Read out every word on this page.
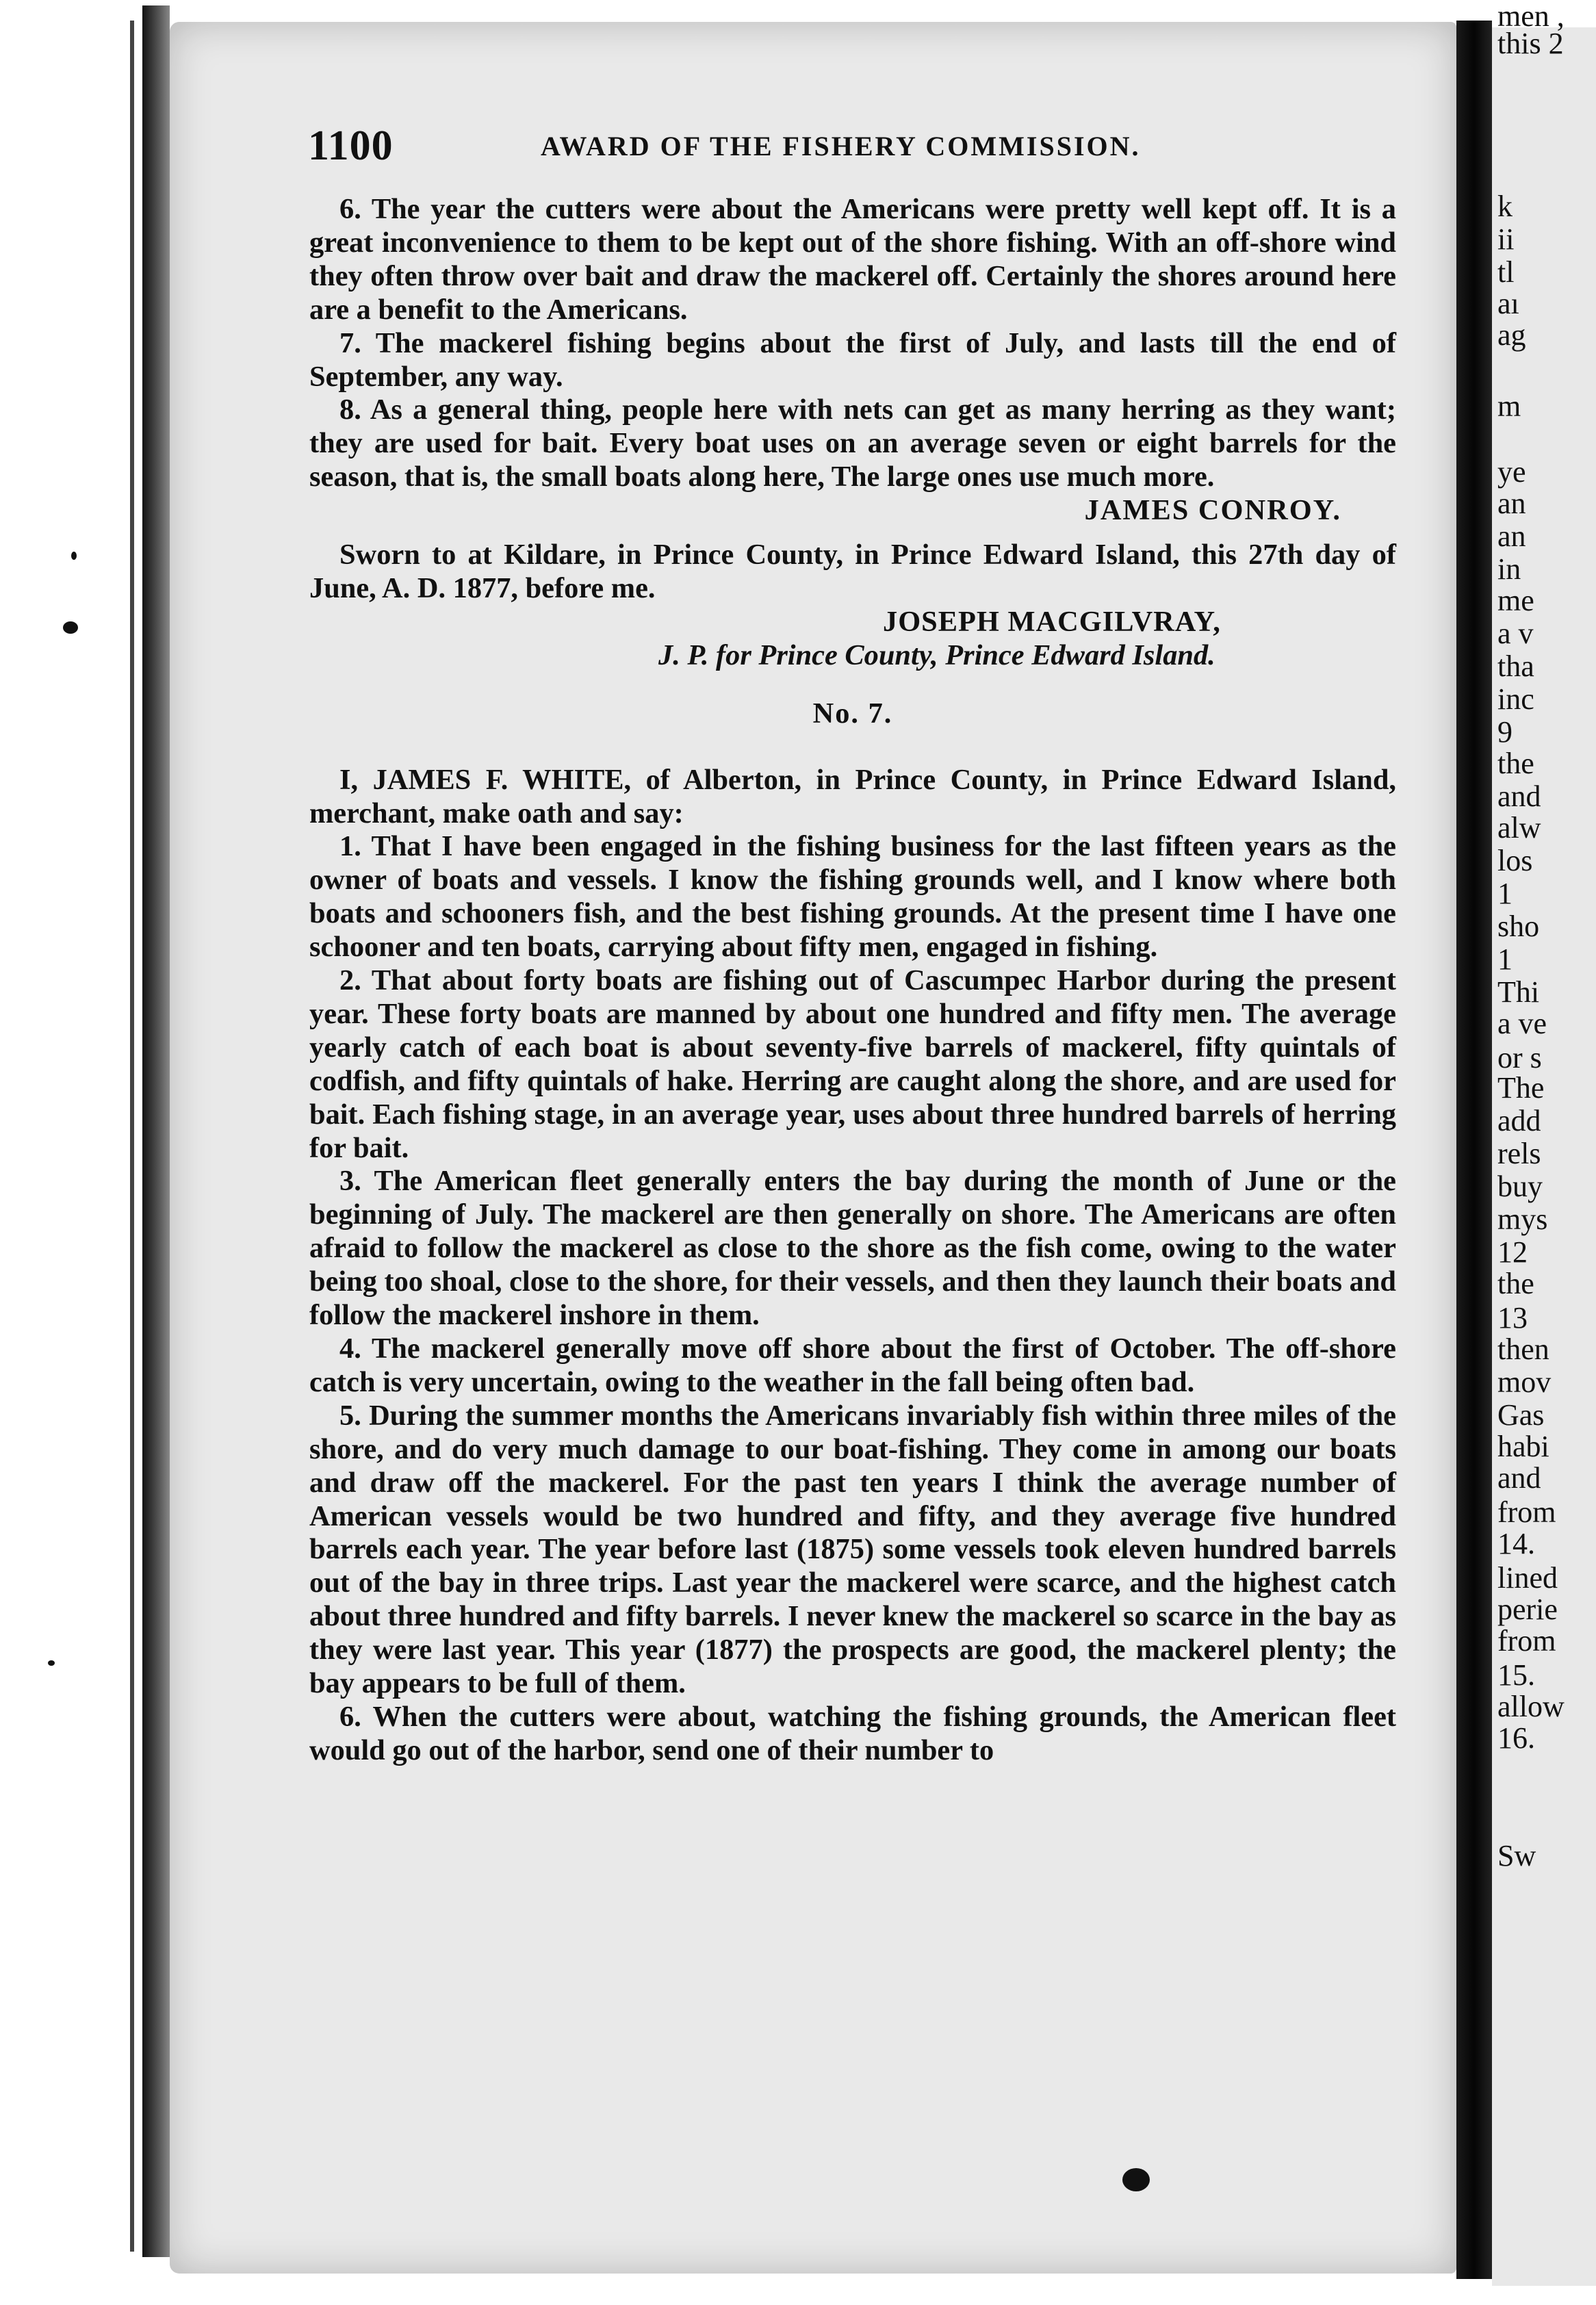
k
ii
tl
aı
ag
m
ye
an
an
in
me
a v
tha
inc
9
the
and
alw
los
1
sho
1
Thi
a ve
or s
The
add
rels
buy
mys
12
the
13
then
mov
Gas
habi
and
from
14.
lined
perie
from
15.
allow
16.
men ,
Sw
this 2
1100	AWARD OF THE FISHERY COMMISSION.

6. The year the cutters were about the Americans were pretty well kept off. It is a great inconvenience to them to be kept out of the shore fishing. With an off-shore wind they often throw over bait and draw the mackerel off. Certainly the shores around here are a benefit to the Americans.

7. The mackerel fishing begins about the first of July, and lasts till the end of September, any way.

8. As a general thing, people here with nets can get as many herring as they want; they are used for bait. Every boat uses on an average seven or eight barrels for the season, that is, the small boats along here, The large ones use much more.

JAMES CONROY.

Sworn to at Kildare, in Prince County, in Prince Edward Island, this 27th day of June, A. D. 1877, before me.

JOSEPH MACGILVRAY,

J. P. for Prince County, Prince Edward Island.

No. 7.

I, JAMES F. WHITE, of Alberton, in Prince County, in Prince Edward Island, merchant, make oath and say:

1. That I have been engaged in the fishing business for the last fifteen years as the owner of boats and vessels. I know the fishing grounds well, and I know where both boats and schooners fish, and the best fishing grounds. At the present time I have one schooner and ten boats, carrying about fifty men, engaged in fishing.

2. That about forty boats are fishing out of Cascumpec Harbor during the present year. These forty boats are manned by about one hundred and fifty men. The average yearly catch of each boat is about seventy-five barrels of mackerel, fifty quintals of codfish, and fifty quintals of hake. Herring are caught along the shore, and are used for bait. Each fishing stage, in an average year, uses about three hundred barrels of herring for bait.

3. The American fleet generally enters the bay during the month of June or the beginning of July. The mackerel are then generally on shore. The Americans are often afraid to follow the mackerel as close to the shore as the fish come, owing to the water being too shoal, close to the shore, for their vessels, and then they launch their boats and follow the mackerel inshore in them.

4. The mackerel generally move off shore about the first of October. The off-shore catch is very uncertain, owing to the weather in the fall being often bad.

5. During the summer months the Americans invariably fish within three miles of the shore, and do very much damage to our boat-fishing. They come in among our boats and draw off the mackerel. For the past ten years I think the average number of American vessels would be two hundred and fifty, and they average five hundred barrels each year. The year before last (1875) some vessels took eleven hundred barrels out of the bay in three trips. Last year the mackerel were scarce, and the highest catch about three hundred and fifty barrels. I never knew the mackerel so scarce in the bay as they were last year. This year (1877) the prospects are good, the mackerel plenty; the bay appears to be full of them.

6. When the cutters were about, watching the fishing grounds, the American fleet would go out of the harbor, send one of their number to
